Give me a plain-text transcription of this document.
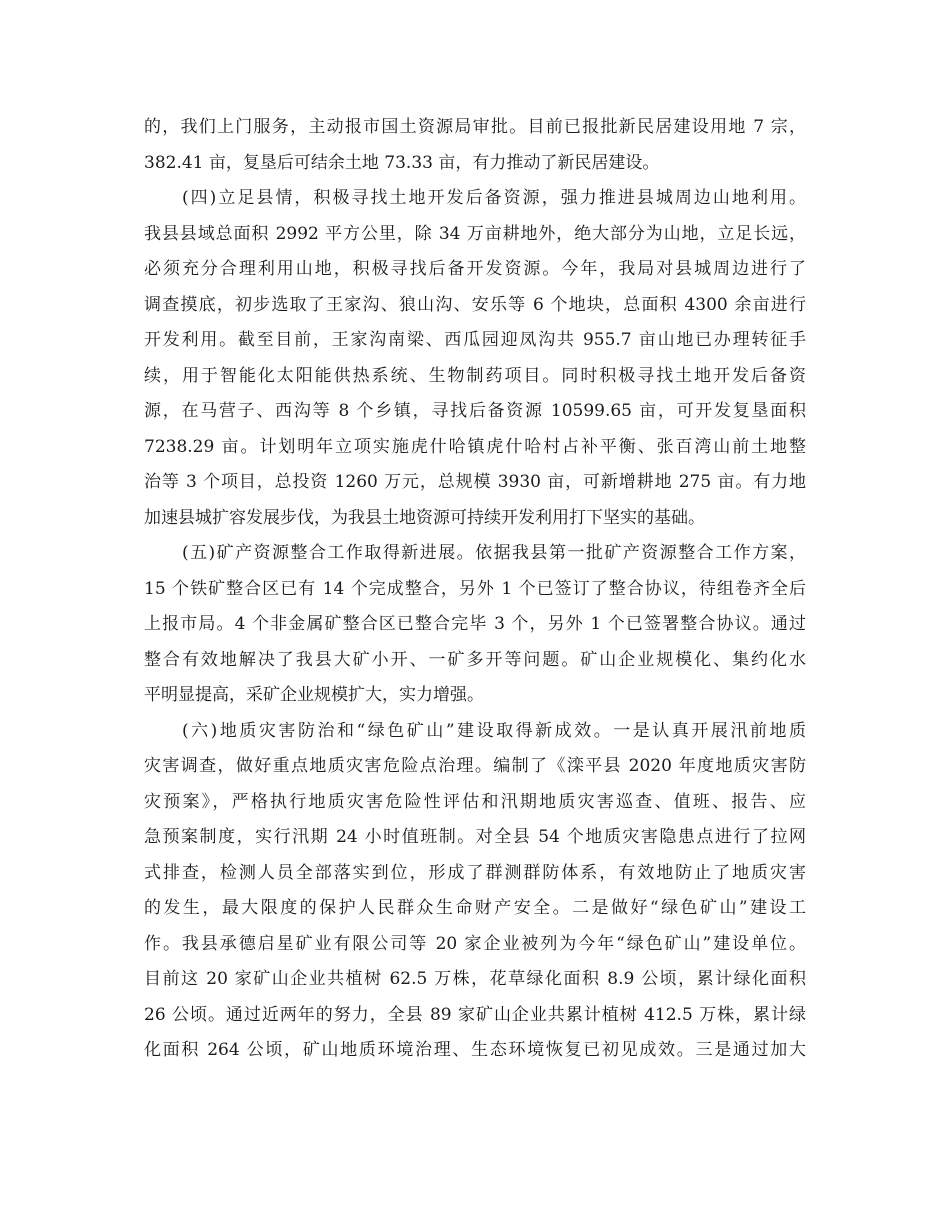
的，我们上门服务，主动报市国土资源局审批。目前已报批新民居建设用地 7 宗，
382.41 亩，复垦后可结余土地 73.33 亩，有力推动了新民居建设。
(四)立足县情，积极寻找土地开发后备资源，强力推进县城周边山地利用。
我县县域总面积 2992 平方公里，除 34 万亩耕地外，绝大部分为山地，立足长远，
必须充分合理利用山地，积极寻找后备开发资源。今年，我局对县城周边进行了
调查摸底，初步选取了王家沟、狼山沟、安乐等 6 个地块，总面积 4300 余亩进行
开发利用。截至目前，王家沟南梁、西瓜园迎凤沟共 955.7 亩山地已办理转征手
续，用于智能化太阳能供热系统、生物制药项目。同时积极寻找土地开发后备资
源，在马营子、西沟等 8 个乡镇，寻找后备资源 10599.65 亩，可开发复垦面积
7238.29 亩。计划明年立项实施虎什哈镇虎什哈村占补平衡、张百湾山前土地整
治等 3 个项目，总投资 1260 万元，总规模 3930 亩，可新增耕地 275 亩。有力地
加速县城扩容发展步伐，为我县土地资源可持续开发利用打下坚实的基础。
(五)矿产资源整合工作取得新进展。依据我县第一批矿产资源整合工作方案，
15 个铁矿整合区已有 14 个完成整合，另外 1 个已签订了整合协议，待组卷齐全后
上报市局。4 个非金属矿整合区已整合完毕 3 个，另外 1 个已签署整合协议。通过
整合有效地解决了我县大矿小开、一矿多开等问题。矿山企业规模化、集约化水
平明显提高，采矿企业规模扩大，实力增强。
(六)地质灾害防治和“绿色矿山”建设取得新成效。一是认真开展汛前地质
灾害调查，做好重点地质灾害危险点治理。编制了《滦平县 2020 年度地质灾害防
灾预案》，严格执行地质灾害危险性评估和汛期地质灾害巡查、值班、报告、应
急预案制度，实行汛期 24 小时值班制。对全县 54 个地质灾害隐患点进行了拉网
式排查，检测人员全部落实到位，形成了群测群防体系，有效地防止了地质灾害
的发生，最大限度的保护人民群众生命财产安全。二是做好“绿色矿山”建设工
作。我县承德启星矿业有限公司等 20 家企业被列为今年“绿色矿山”建设单位。
目前这 20 家矿山企业共植树 62.5 万株，花草绿化面积 8.9 公顷，累计绿化面积
26 公顷。通过近两年的努力，全县 89 家矿山企业共累计植树 412.5 万株，累计绿
化面积 264 公顷，矿山地质环境治理、生态环境恢复已初见成效。三是通过加大
